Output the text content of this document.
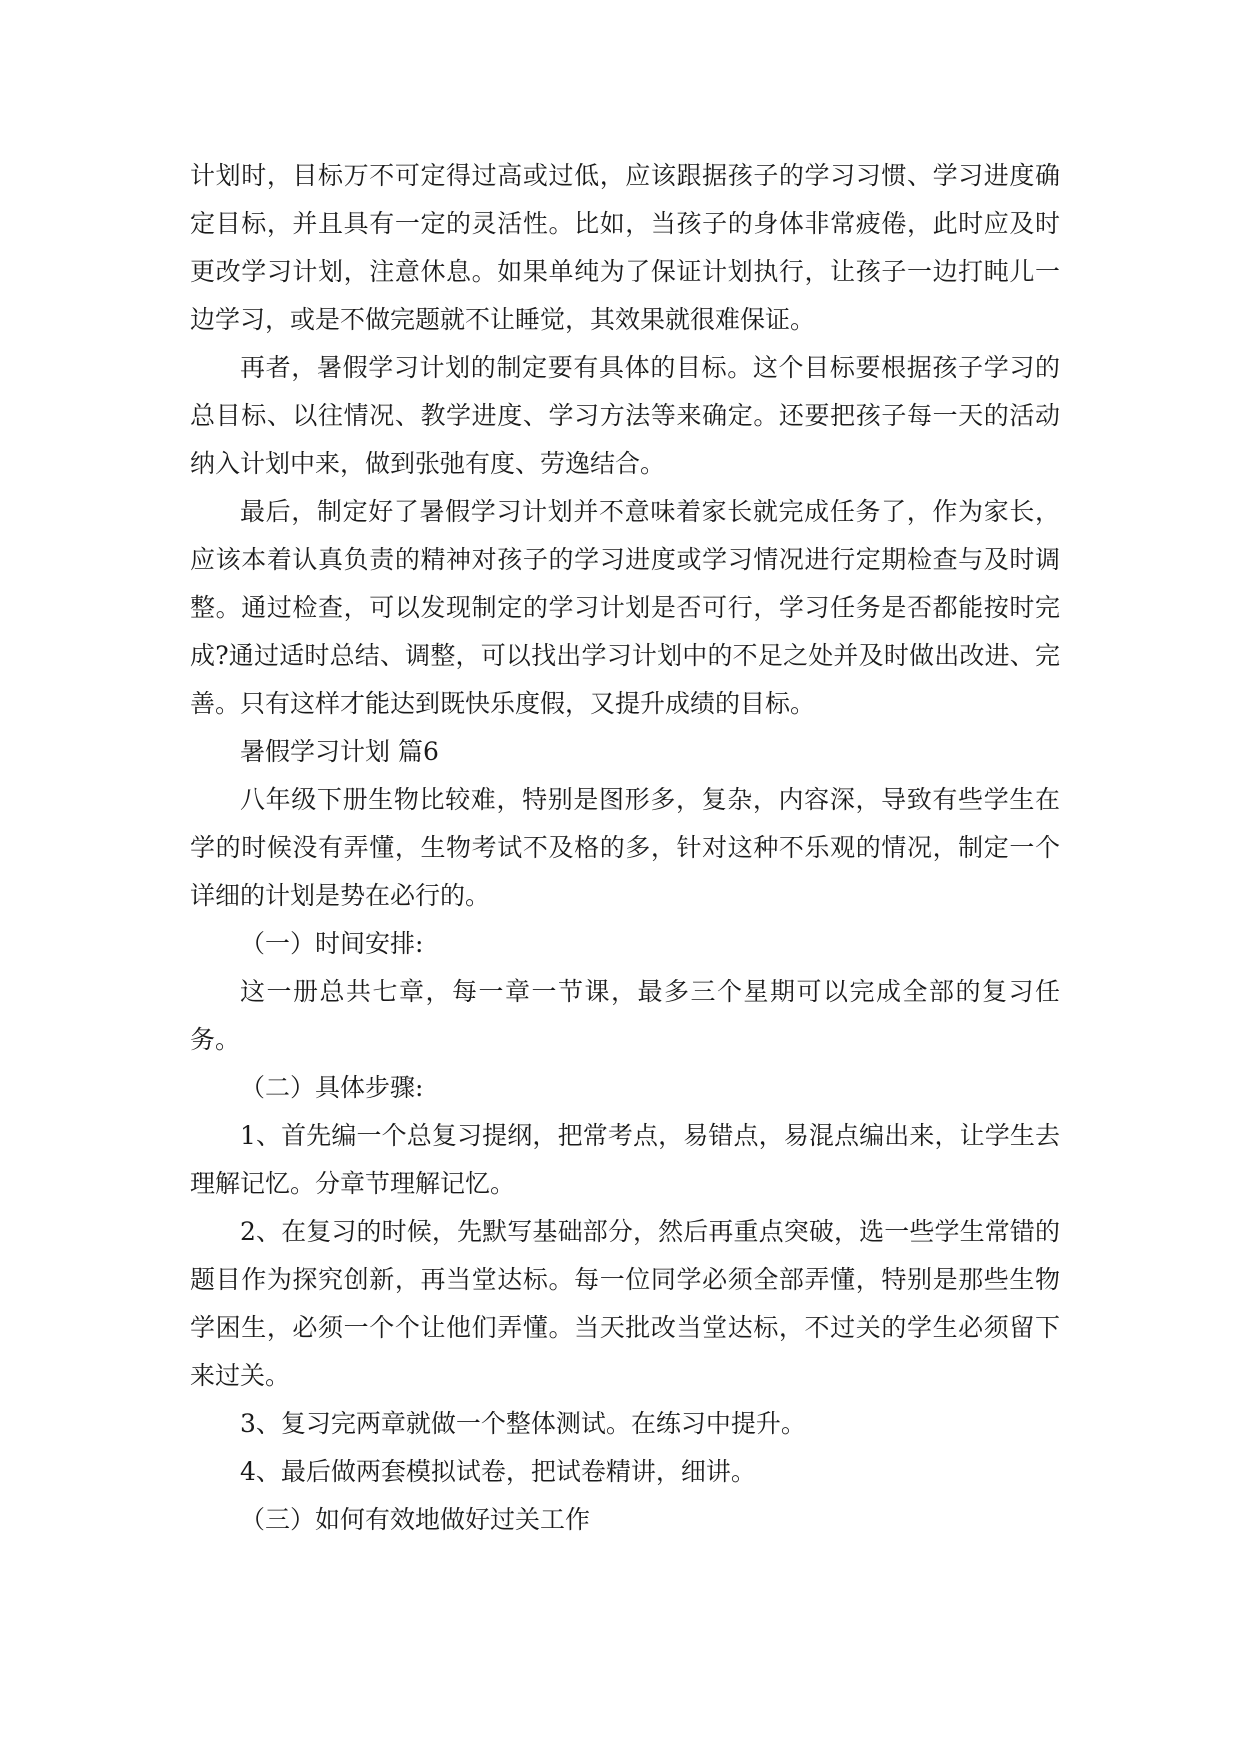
计划时，目标万不可定得过高或过低，应该跟据孩子的学习习惯、学习进度确定目标，并且具有一定的灵活性。比如，当孩子的身体非常疲倦，此时应及时更改学习计划，注意休息。如果单纯为了保证计划执行，让孩子一边打盹儿一边学习，或是不做完题就不让睡觉，其效果就很难保证。

再者，暑假学习计划的制定要有具体的目标。这个目标要根据孩子学习的总目标、以往情况、教学进度、学习方法等来确定。还要把孩子每一天的活动纳入计划中来，做到张弛有度、劳逸结合。

最后，制定好了暑假学习计划并不意味着家长就完成任务了，作为家长，应该本着认真负责的精神对孩子的学习进度或学习情况进行定期检查与及时调整。通过检查，可以发现制定的学习计划是否可行，学习任务是否都能按时完成?通过适时总结、调整，可以找出学习计划中的不足之处并及时做出改进、完善。只有这样才能达到既快乐度假，又提升成绩的目标。

暑假学习计划 篇6

八年级下册生物比较难，特别是图形多，复杂，内容深，导致有些学生在学的时候没有弄懂，生物考试不及格的多，针对这种不乐观的情况，制定一个详细的计划是势在必行的。

（一）时间安排:

这一册总共七章，每一章一节课，最多三个星期可以完成全部的复习任务。

（二）具体步骤:

1、首先编一个总复习提纲，把常考点，易错点，易混点编出来，让学生去理解记忆。分章节理解记忆。

2、在复习的时候，先默写基础部分，然后再重点突破，选一些学生常错的题目作为探究创新，再当堂达标。每一位同学必须全部弄懂，特别是那些生物学困生，必须一个个让他们弄懂。当天批改当堂达标，不过关的学生必须留下来过关。

3、复习完两章就做一个整体测试。在练习中提升。

4、最后做两套模拟试卷，把试卷精讲，细讲。

（三）如何有效地做好过关工作
